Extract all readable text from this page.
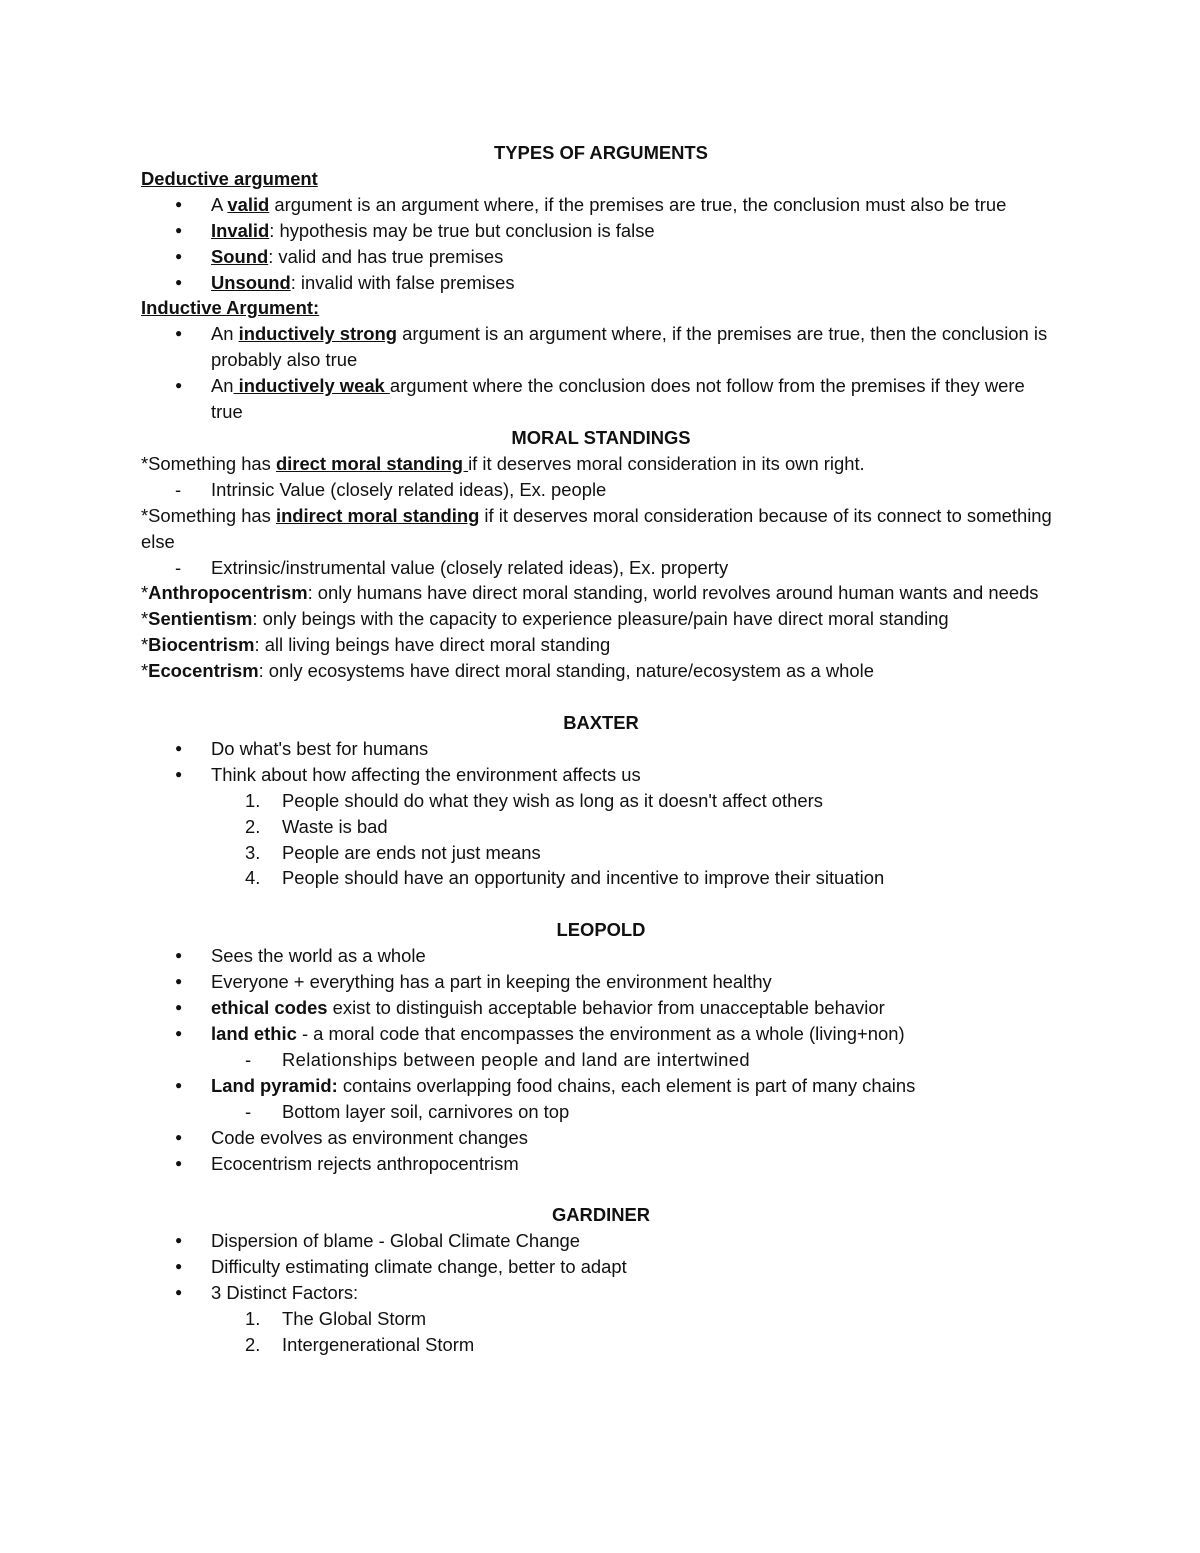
TYPES OF ARGUMENTS
Deductive argument
● A valid argument is an argument where, if the premises are true, the conclusion must also be true
● Invalid: hypothesis may be true but conclusion is false
● Sound: valid and has true premises
● Unsound: invalid with false premises
Inductive Argument:
● An inductively strong argument is an argument where, if the premises are true, then the conclusion is probably also true
● An inductively weak argument where the conclusion does not follow from the premises if they were true
MORAL STANDINGS
*Something has direct moral standing if it deserves moral consideration in its own right.
- Intrinsic Value (closely related ideas), Ex. people
*Something has indirect moral standing if it deserves moral consideration because of its connect to something else
- Extrinsic/instrumental value (closely related ideas), Ex. property
*Anthropocentrism: only humans have direct moral standing, world revolves around human wants and needs
*Sentientism: only beings with the capacity to experience pleasure/pain have direct moral standing
*Biocentrism: all living beings have direct moral standing
*Ecocentrism: only ecosystems have direct moral standing, nature/ecosystem as a whole
BAXTER
● Do what's best for humans
● Think about how affecting the environment affects us
1. People should do what they wish as long as it doesn't affect others
2. Waste is bad
3. People are ends not just means
4. People should have an opportunity and incentive to improve their situation
LEOPOLD
● Sees the world as a whole
● Everyone + everything has a part in keeping the environment healthy
● ethical codes exist to distinguish acceptable behavior from unacceptable behavior
● land ethic - a moral code that encompasses the environment as a whole (living+non)
- Relationships between people and land are intertwined
● Land pyramid: contains overlapping food chains, each element is part of many chains
- Bottom layer soil, carnivores on top
● Code evolves as environment changes
● Ecocentrism rejects anthropocentrism
GARDINER
● Dispersion of blame - Global Climate Change
● Difficulty estimating climate change, better to adapt
● 3 Distinct Factors:
1. The Global Storm
2. Intergenerational Storm
